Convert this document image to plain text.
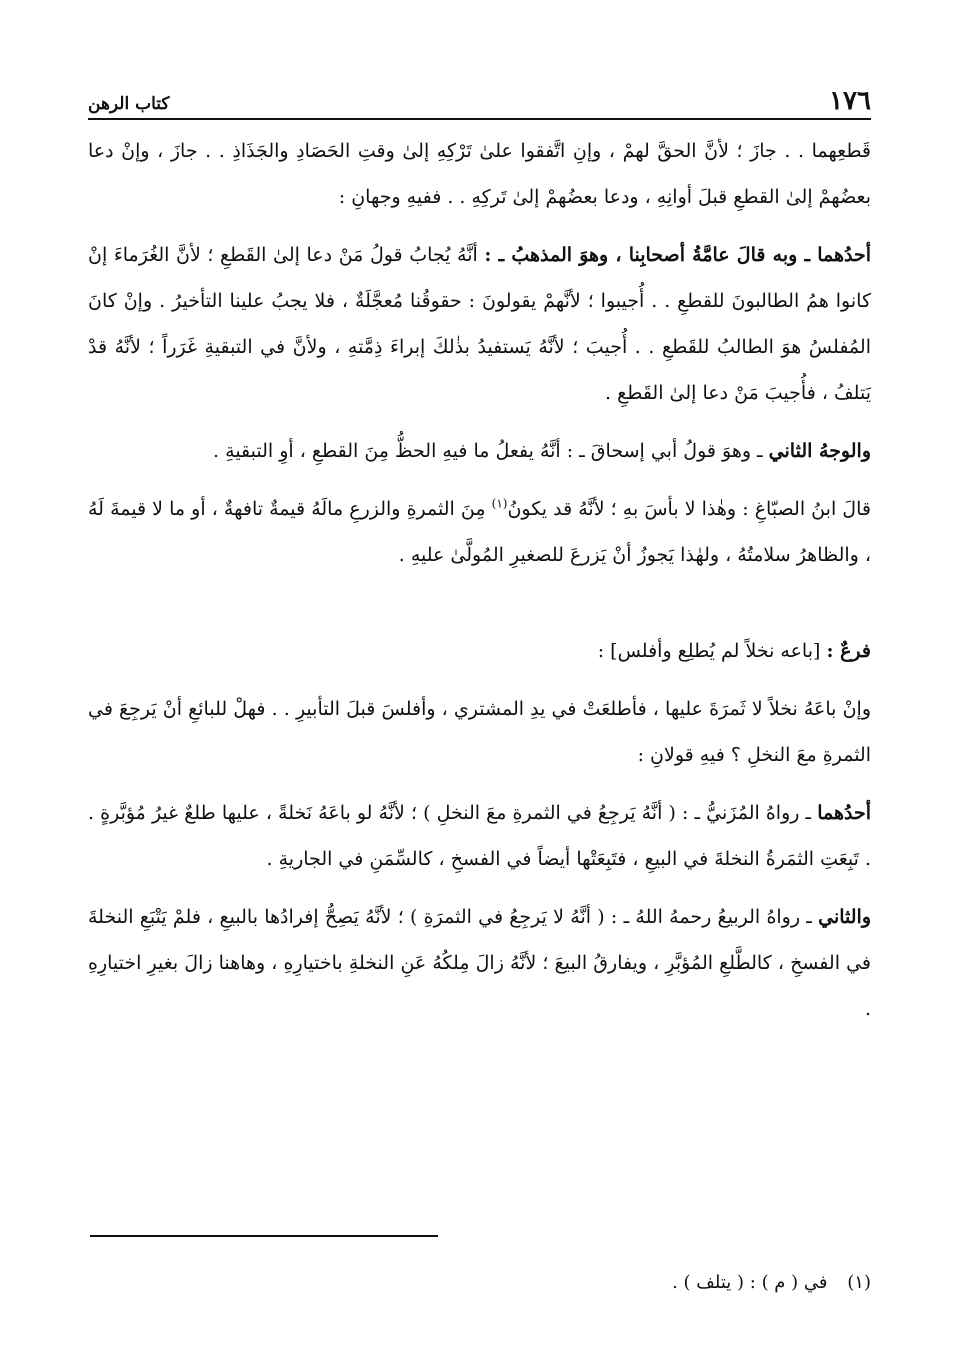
١٧٦
كتاب الرهن

قَطعِهما . . جازَ ؛ لأنَّ الحقَّ لهمْ ، وإنِ اتَّفقوا علىٰ تَرْكِهِ إلىٰ وقتِ الحَصَادِ والجَذَاذِ . . جازَ ، وإنْ دعا بعضُهمْ إلىٰ القطعِ قبلَ أوانِهِ ، ودعا بعضُهمْ إلىٰ تَركِهِ . . ففيهِ وجهانِ :

أحدُهما ـ وبه قالَ عامَّةُ أصحابِنا ، وهوَ المذهبُ ـ : أنَّهُ يُجابُ قولُ مَنْ دعا إلىٰ القَطعِ ؛ لأنَّ الغُرَماءَ إنْ كانوا همُ الطالبونَ للقطعِ . . أُجيبوا ؛ لأنَّهمْ يقولونَ : حقوقُنا مُعجَّلَةٌ ، فلا يجبُ علينا التأخيرُ . وإنْ كانَ المُفلسُ هوَ الطالبُ للقَطعِ . . أُجيبَ ؛ لأنَّهُ يَستفيدُ بذٰلكَ إبراءَ ذِمَّتهِ ، ولأنَّ في التبقيةِ غَرَراً ؛ لأنَّهُ قدْ يَتلفُ ، فأُجيبَ مَنْ دعا إلىٰ القَطعِ .

والوجهُ الثاني ـ وهوَ قولُ أبي إسحاقَ ـ : أنَّهُ يفعلُ ما فيهِ الحظُّ مِنَ القطعِ ، أوِ التبقيةِ .

قالَ ابنُ الصبّاغِ : وهٰذا لا بأسَ بهِ ؛ لأنَّهُ قد يكونُ$^{(١)}$ مِنَ الثمرةِ والزرعِ مالَهُ قيمةٌ تافهةٌ ، أو ما لا قيمةَ لَهُ ، والظاهرُ سلامتُهُ ، ولهٰذا يَجوزُ أنْ يَزرعَ للصغيرِ المُولَّىٰ عليهِ .

فرعٌ : [باعه نخلاً لم يُطلِع وأفلس] :

وإنْ باعَهُ نخلاً لا ثَمرَةَ عليها ، فأطلعَتْ في يدِ المشتري ، وأفلسَ قبلَ التأبيرِ . . فهلْ للبائعِ أنْ يَرجِعَ في الثمرةِ معَ النخلِ ؟ فيهِ قولانِ :

أحدُهما ـ رواهُ المُزَنيُّ ـ : ( أنَّهُ يَرجِعُ في الثمرةِ معَ النخلِ ) ؛ لأنَّهُ لو باعَهُ نَخلةً ، عليها طلعٌ غيرُ مُؤبَّرةٍ . . تَبِعَتِ الثمَرةُ النخلةَ في البيعِ ، فتَبِعَتْها أيضاً في الفسخِ ، كالسِّمَنِ في الجاريةِ .

والثاني ـ رواهُ الربيعُ رحمهُ اللهُ ـ : ( أنَّهُ لا يَرجِعُ في الثمرَةِ ) ؛ لأنَّهُ يَصِحُّ إفرادُها بالبيعِ ، فلمْ يَتْبَعِ النخلةَ في الفسخِ ، كالطَّلعِ المُؤبَّرِ ، ويفارقُ البيعَ ؛ لأنَّهُ زالَ مِلكُهُ عَنِ النخلةِ باختيارِهِ ، وهاهنا زالَ بغيرِ اختيارِهِ .

(١) في ( م ) : ( يتلف ) .
